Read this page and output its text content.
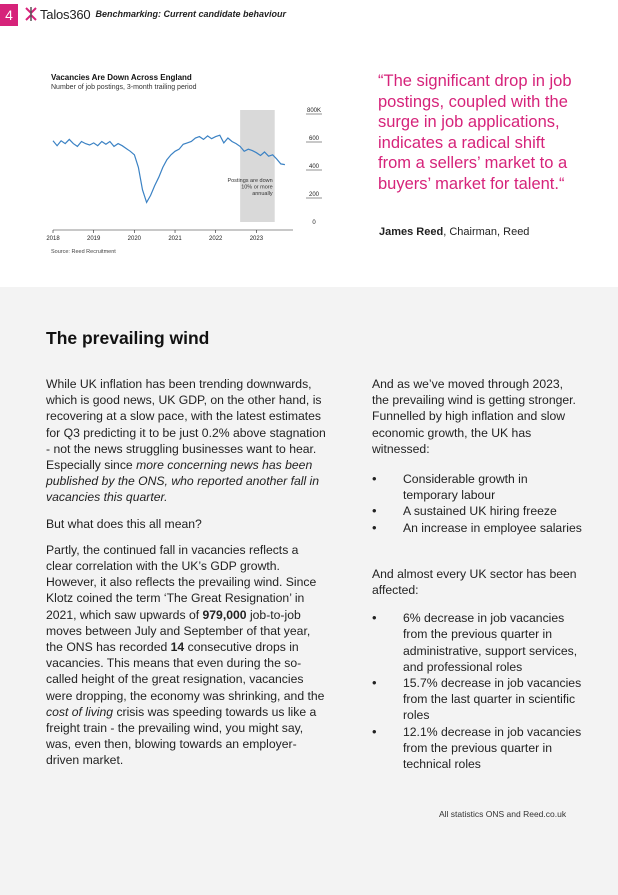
4	Talos360 Benchmarking: Current candidate behaviour
Postings are down
10% or more
annually
2018	2019	2020	2021	2022	2023
0
200
400
600
800K
Vacancies Are Down Across England
Number of job postings, 3-month trailing period
Source: Reed Recruitment
“The significant drop in job postings, coupled with the surge in job applications, indicates a radical shift from a sellers’ market to a buyers’ market for talent.“
James Reed, Chairman, Reed
The prevailing wind

While UK inflation has been trending downwards, which is good news, UK GDP, on the other hand, is recovering at a slow pace, with the latest estimates for Q3 predicting it to be just 0.2% above stagnation - not the news struggling businesses want to hear. Especially since more concerning news has been published by the ONS, who reported another fall in vacancies this quarter.

But what does this all mean?

Partly, the continued fall in vacancies reflects a clear correlation with the UK’s GDP growth. However, it also reflects the prevailing wind. Since Klotz coined the term ‘The Great Resignation’ in 2021, which saw upwards of 979,000 job-to-job moves between July and September of that year, the ONS has recorded 14 consecutive drops in vacancies. This means that even during the so-called height of the great resignation, vacancies were dropping, the economy was shrinking, and the cost of living crisis was speeding towards us like a freight train - the prevailing wind, you might say, was, even then, blowing towards an employer-driven market.

And as we’ve moved through 2023, the prevailing wind is getting stronger. Funnelled by high inflation and slow economic growth, the UK has witnessed:

• Considerable growth in temporary labour
• A sustained UK hiring freeze
• An increase in employee salaries

And almost every UK sector has been affected:

• 6% decrease in job vacancies from the previous quarter in administrative, support services, and professional roles
• 15.7% decrease in job vacancies from the last quarter in scientific roles
• 12.1% decrease in job vacancies from the previous quarter in technical roles
All statistics ONS and Reed.co.uk
